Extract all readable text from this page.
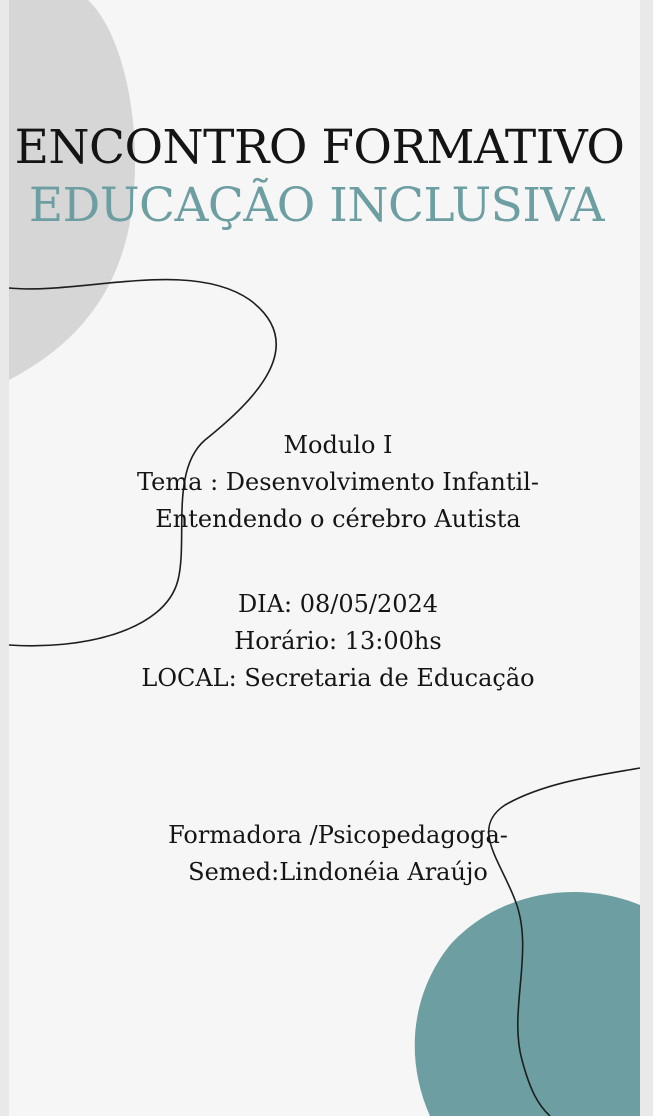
ENCONTRO FORMATIVO
EDUCAÇÃO INCLUSIVA
Modulo I
Tema : Desenvolvimento Infantil-
Entendendo o cérebro Autista
DIA: 08/05/2024
Horário: 13:00hs
LOCAL: Secretaria de Educação
Formadora /Psicopedagoga-
Semed:Lindonéia Araújo
